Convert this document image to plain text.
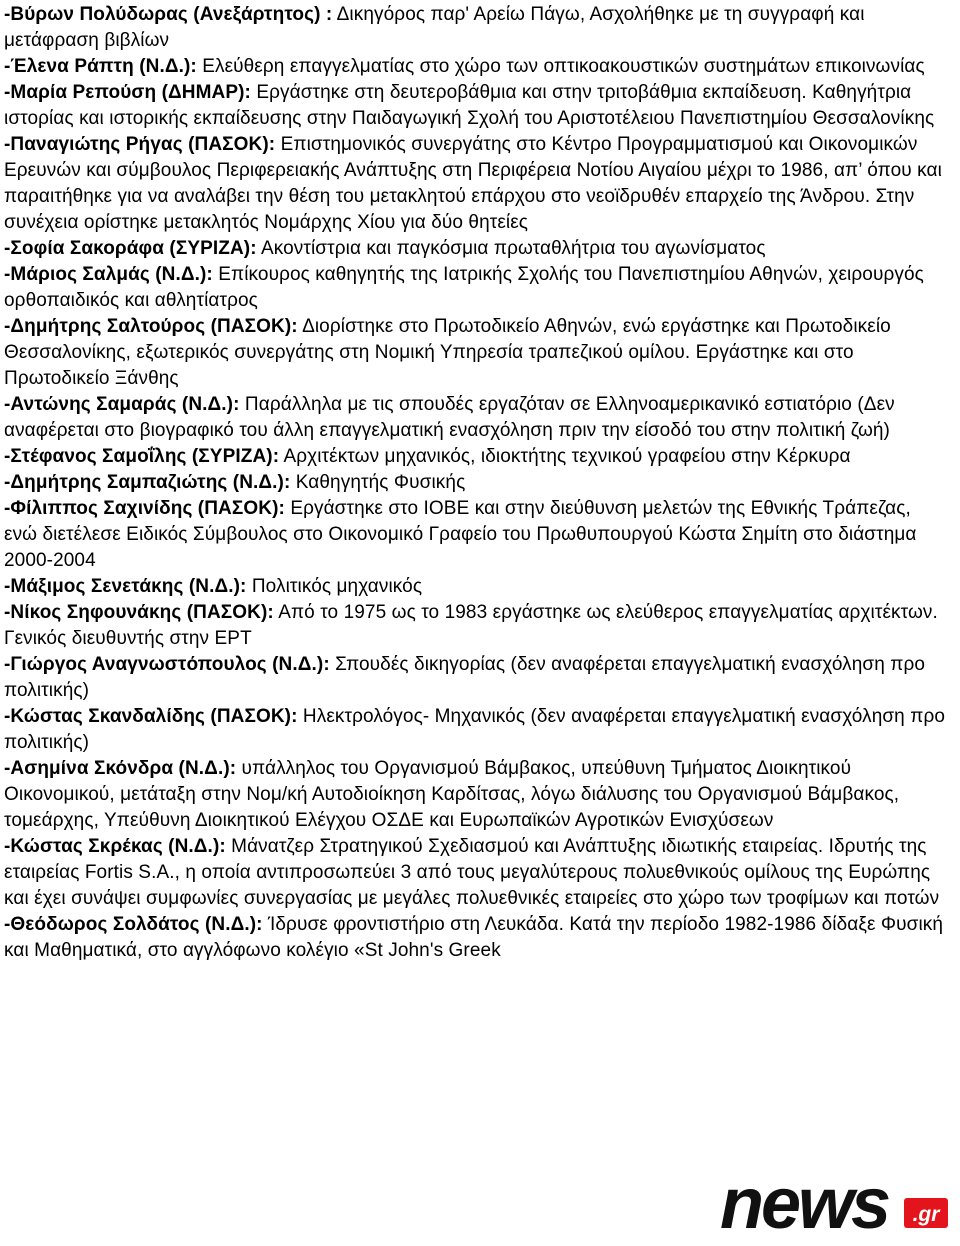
-Βύρων Πολύδωρας (Ανεξάρτητος) : Δικηγόρος παρ' Αρείω Πάγω, Ασχολήθηκε με τη συγγραφή και μετάφραση βιβλίων

-Έλενα Ράπτη (Ν.Δ.): Ελεύθερη επαγγελματίας στο χώρο των οπτικοακουστικών συστημάτων επικοινωνίας

-Μαρία Ρεπούση (ΔΗΜΑΡ): Εργάστηκε στη δευτεροβάθμια και στην τριτοβάθμια εκπαίδευση. Καθηγήτρια ιστορίας και ιστορικής εκπαίδευσης στην Παιδαγωγική Σχολή του Αριστοτέλειου Πανεπιστημίου Θεσσαλονίκης

-Παναγιώτης Ρήγας (ΠΑΣΟΚ): Επιστημονικός συνεργάτης στο Κέντρο Προγραμματισμού και Οικονομικών Ερευνών και σύμβουλος Περιφερειακής Ανάπτυξης στη Περιφέρεια Νοτίου Αιγαίου μέχρι το 1986, απ’ όπου και παραιτήθηκε για να αναλάβει την θέση του μετακλητού επάρχου στο νεοϊδρυθέν επαρχείο της Άνδρου. Στην συνέχεια ορίστηκε μετακλητός Νομάρχης Χίου για δύο θητείες

-Σοφία Σακοράφα (ΣΥΡΙΖΑ): Ακοντίστρια και παγκόσμια πρωταθλήτρια του αγωνίσματος

-Μάριος Σαλμάς (Ν.Δ.): Επίκουρος καθηγητής της Ιατρικής Σχολής του Πανεπιστημίου Αθηνών, χειρουργός ορθοπαιδικός και αθλητίατρος

-Δημήτρης Σαλτούρος (ΠΑΣΟΚ): Διορίστηκε στο Πρωτοδικείο Αθηνών, ενώ εργάστηκε και Πρωτοδικείο Θεσσαλονίκης, εξωτερικός συνεργάτης στη Νομική Υπηρεσία τραπεζικού ομίλου. Εργάστηκε και στο Πρωτοδικείο Ξάνθης

-Αντώνης Σαμαράς (Ν.Δ.): Παράλληλα με τις σπουδές εργαζόταν σε Ελληνοαμερικανικό εστιατόριο (Δεν αναφέρεται στο βιογραφικό του άλλη επαγγελματική ενασχόληση πριν την είσοδό του στην πολιτική ζωή)

-Στέφανος Σαμοΐλης (ΣΥΡΙΖΑ): Αρχιτέκτων μηχανικός, ιδιοκτήτης τεχνικού γραφείου στην Κέρκυρα

-Δημήτρης Σαμπαζιώτης (Ν.Δ.): Καθηγητής Φυσικής

-Φίλιππος Σαχινίδης (ΠΑΣΟΚ): Εργάστηκε στο ΙΟΒΕ και στην διεύθυνση μελετών της Εθνικής Τράπεζας, ενώ διετέλεσε Ειδικός Σύμβουλος στο Οικονομικό Γραφείο του Πρωθυπουργού Κώστα Σημίτη στο διάστημα 2000-2004

-Μάξιμος Σενετάκης (Ν.Δ.): Πολιτικός μηχανικός

-Νίκος Σηφουνάκης (ΠΑΣΟΚ): Από το 1975 ως το 1983 εργάστηκε ως ελεύθερος επαγγελματίας αρχιτέκτων. Γενικός διευθυντής στην ΕΡΤ

-Γιώργος Αναγνωστόπουλος (Ν.Δ.): Σπουδές δικηγορίας (δεν αναφέρεται επαγγελματική ενασχόληση προ πολιτικής)

-Κώστας Σκανδαλίδης (ΠΑΣΟΚ): Ηλεκτρολόγος- Μηχανικός (δεν αναφέρεται επαγγελματική ενασχόληση προ πολιτικής)

-Ασημίνα Σκόνδρα (Ν.Δ.): υπάλληλος του Οργανισμού Βάμβακος, υπεύθυνη Τμήματος Διοικητικού Οικονομικού, μετάταξη στην Νομ/κή Αυτοδιοίκηση Καρδίτσας, λόγω διάλυσης του Οργανισμού Βάμβακος, τομεάρχης, Υπεύθυνη Διοικητικού Ελέγχου ΟΣΔΕ και Ευρωπαϊκών Αγροτικών Ενισχύσεων

-Κώστας Σκρέκας (Ν.Δ.): Μάνατζερ Στρατηγικού Σχεδιασμού και Ανάπτυξης ιδιωτικής εταιρείας. Ιδρυτής της εταιρείας Fortis S.A., η οποία αντιπροσωπεύει 3 από τους μεγαλύτερους πολυεθνικούς ομίλους της Ευρώπης και έχει συνάψει συμφωνίες συνεργασίας με μεγάλες πολυεθνικές εταιρείες στο χώρο των τροφίμων και ποτών

-Θεόδωρος Σολδάτος (Ν.Δ.): Ίδρυσε φροντιστήριο στη Λευκάδα. Κατά την περίοδο 1982-1986 δίδαξε Φυσική και Μαθηματικά, στο αγγλόφωνο κολέγιο «St John's Greek

news .gr
